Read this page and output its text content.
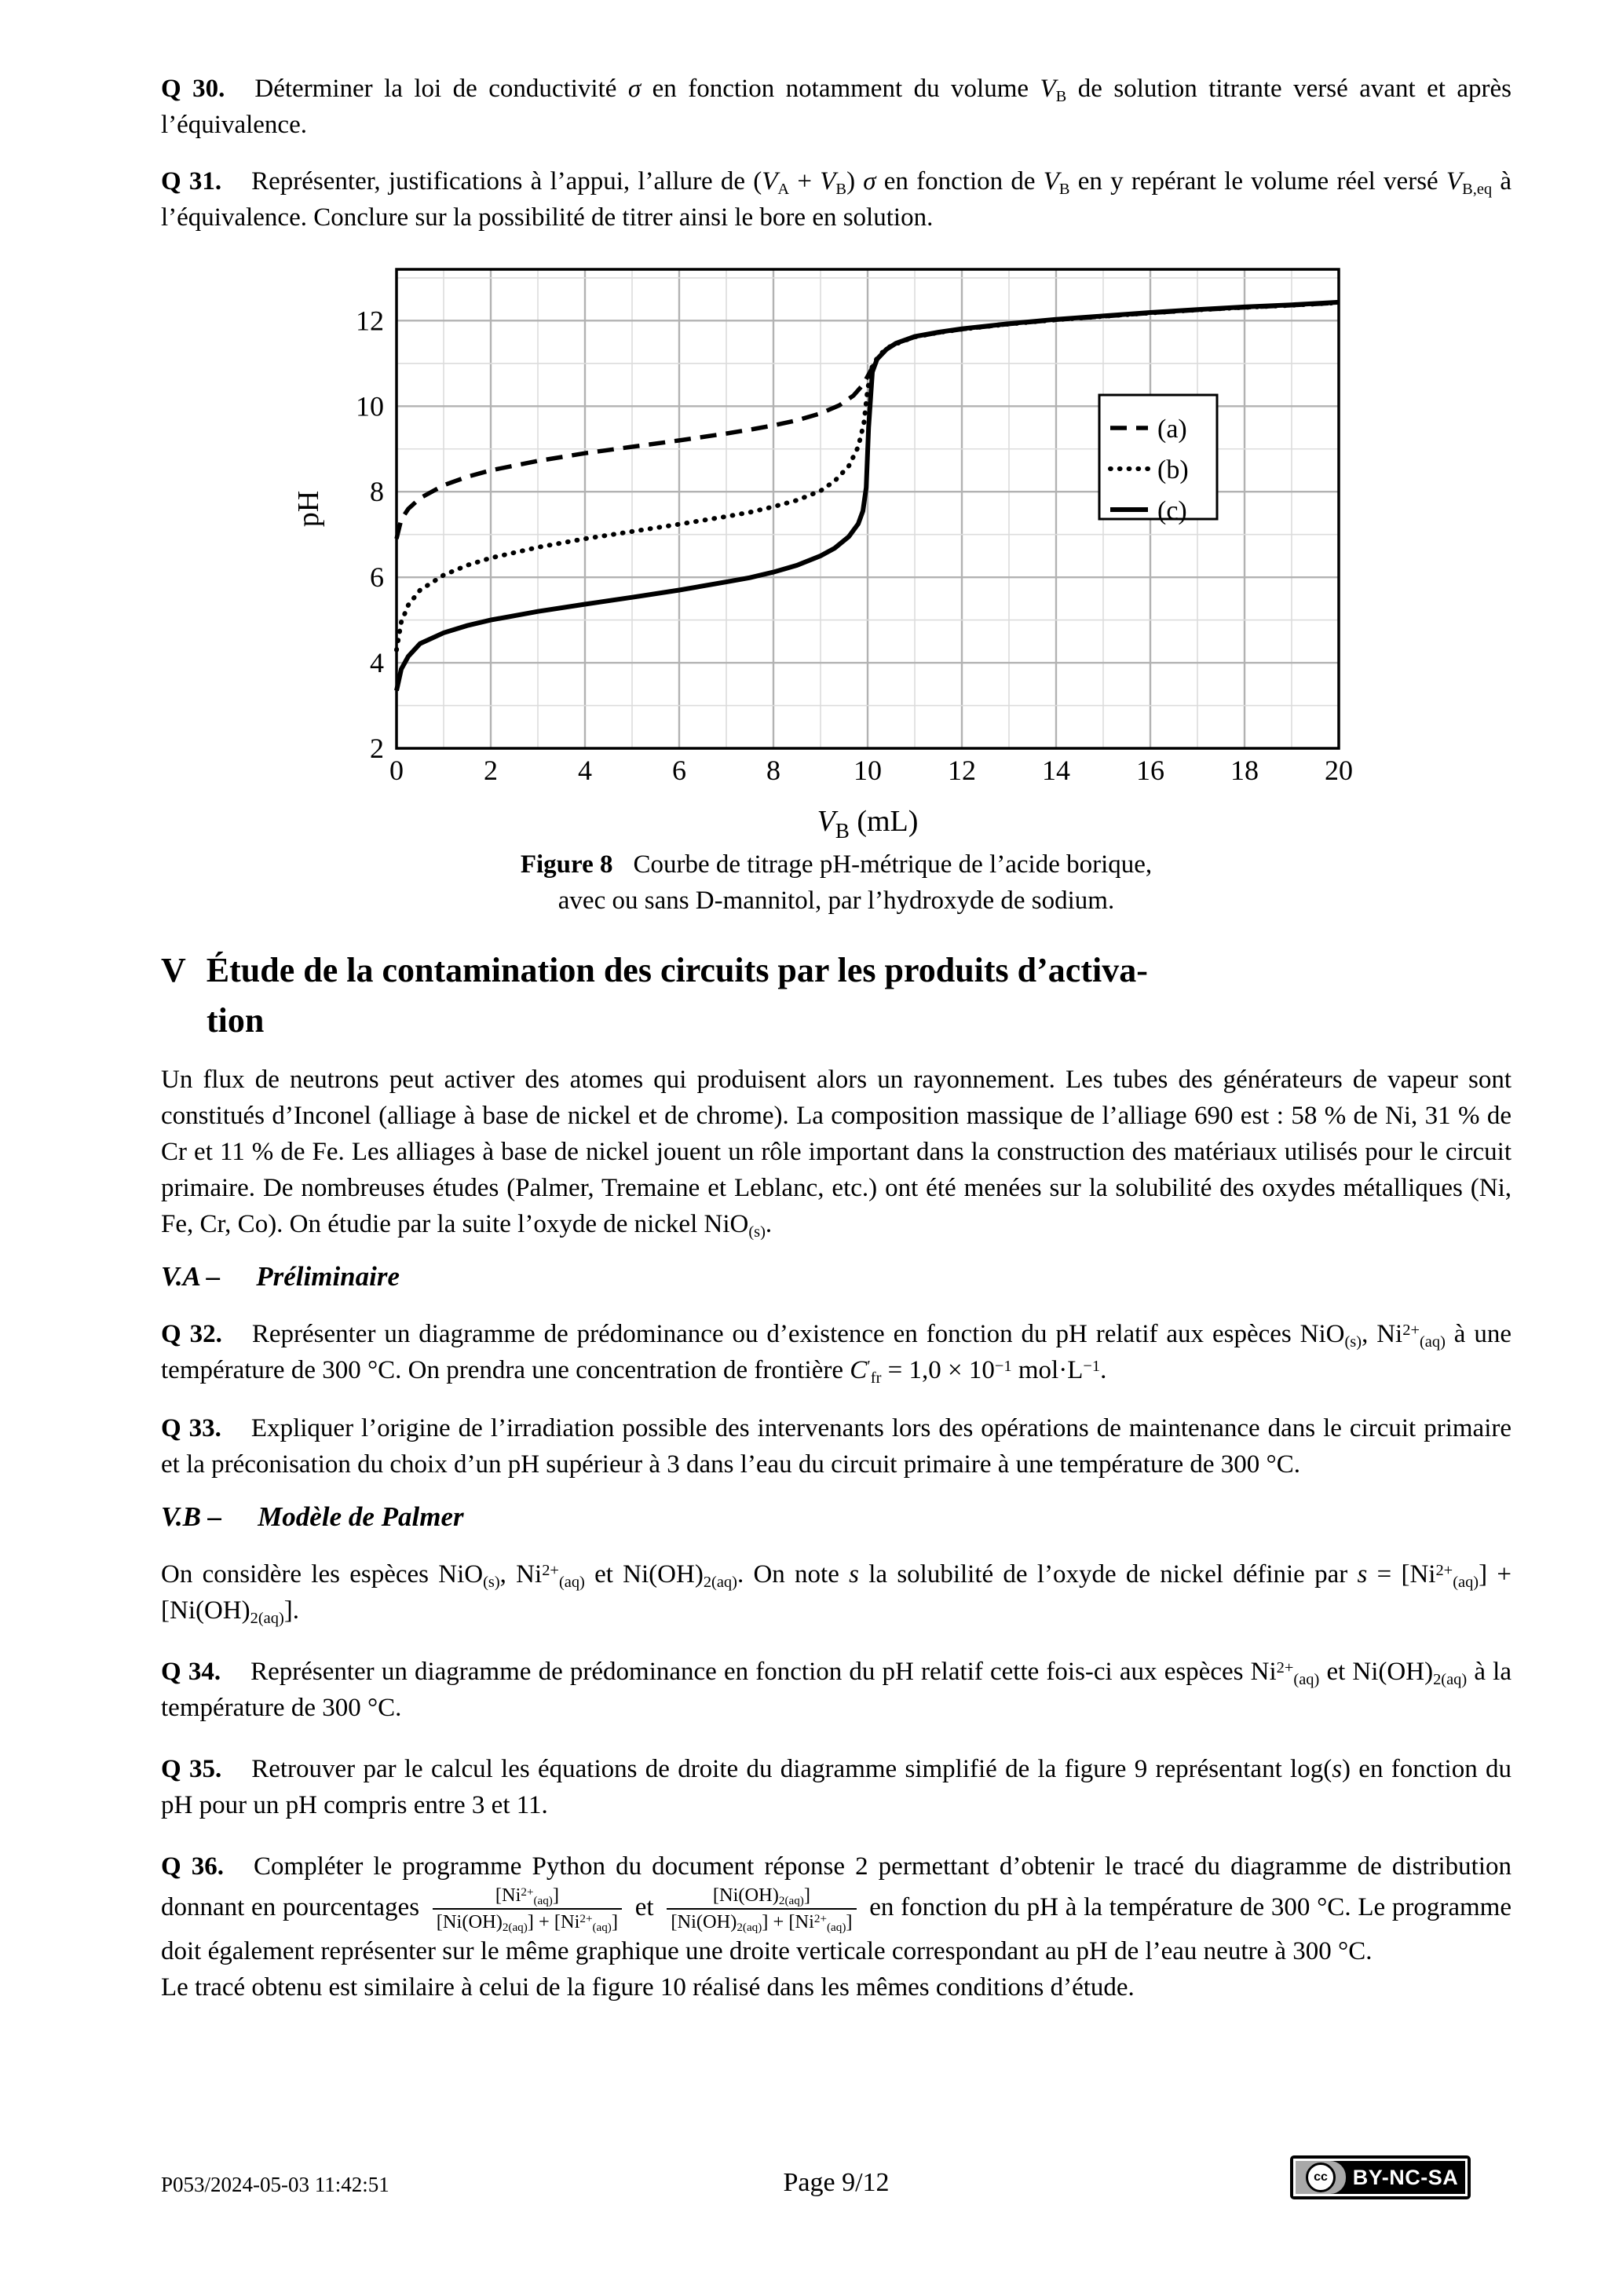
Q 30. Déterminer la loi de conductivité σ en fonction notamment du volume $V_B$ de solution titrante versé avant et après l’équivalence.

Q 31. Représenter, justifications à l’appui, l’allure de $(V_A + V_B)$ σ en fonction de $V_B$ en y repérant le volume réel versé $V_{B,eq}$ à l’équivalence. Conclure sur la possibilité de titrer ainsi le bore en solution.

0	2	4	6	8	10 12 14 16 18 20
2
4
6
8
10
12
pH
$V_B$ (mL)
(a)
(b)
(c)
Figure 8 Courbe de titrage pH-métrique de l’acide borique,
avec ou sans D-mannitol, par l’hydroxyde de sodium.
V Étude de la contamination des circuits par les produits d’activa-
tion

Un flux de neutrons peut activer des atomes qui produisent alors un rayonnement. Les tubes des générateurs de vapeur sont constitués d’Inconel (alliage à base de nickel et de chrome). La composition massique de l’alliage 690 est : 58 % de Ni, 31 % de Cr et 11 % de Fe. Les alliages à base de nickel jouent un rôle important dans la construction des matériaux utilisés pour le circuit primaire. De nombreuses études (Palmer, Tremaine et Leblanc, etc.) ont été menées sur la solubilité des oxydes métalliques (Ni, Fe, Cr, Co). On étudie par la suite l’oxyde de nickel NiO$_{(s)}$.

V.A – Préliminaire

Q 32. Représenter un diagramme de prédominance ou d’existence en fonction du pH relatif aux espèces NiO$_{(s)}$, $Ni^{2+}_{(aq)}$ à une température de 300 °C. On prendra une concentration de frontière $C'_{fr} = 1,0 \times 10^{-1}$ $mol\cdot L^{-1}$.

Q 33. Expliquer l’origine de l’irradiation possible des intervenants lors des opérations de maintenance dans le circuit primaire et la préconisation du choix d’un pH supérieur à 3 dans l’eau du circuit primaire à une température de 300 °C.

V.B – Modèle de Palmer

On considère les espèces NiO$_{(s)}$, $Ni^{2+}_{(aq)}$ et $Ni(OH)_{2(aq)}$. On note s la solubilité de l’oxyde de nickel définie par $s = [Ni^{2+}_{(aq)}] + [Ni(OH)_{2(aq)}]$.

Q 34. Représenter un diagramme de prédominance en fonction du pH relatif cette fois-ci aux espèces $Ni^{2+}_{(aq)}$ et $Ni(OH)_{2(aq)}$ à la température de 300 °C.

Q 35. Retrouver par le calcul les équations de droite du diagramme simplifié de la figure 9 représentant log(s) en fonction du pH pour un pH compris entre 3 et 11.

Q 36. Compléter le programme Python du document réponse 2 permettant d’obtenir le tracé du diagramme de distribution donnant en pourcentages $\frac{[Ni^{2+}_{(aq)}]}{[Ni(OH)_{2(aq)}] + [Ni^{2+}_{(aq)}]}$ et $\frac{[Ni(OH)_{2(aq)}]}{[Ni(OH)_{2(aq)}] + [Ni^{2+}_{(aq)}]}$ en fonction du pH à la température de 300 °C. Le programme doit également représenter sur le même graphique une droite verticale correspondant au pH de l’eau neutre à 300 °C.

Le tracé obtenu est similaire à celui de la figure 10 réalisé dans les mêmes conditions d’étude.

P053/2024-05-03 11:42:51	Page 9/12	cc	BY-NC-SA
